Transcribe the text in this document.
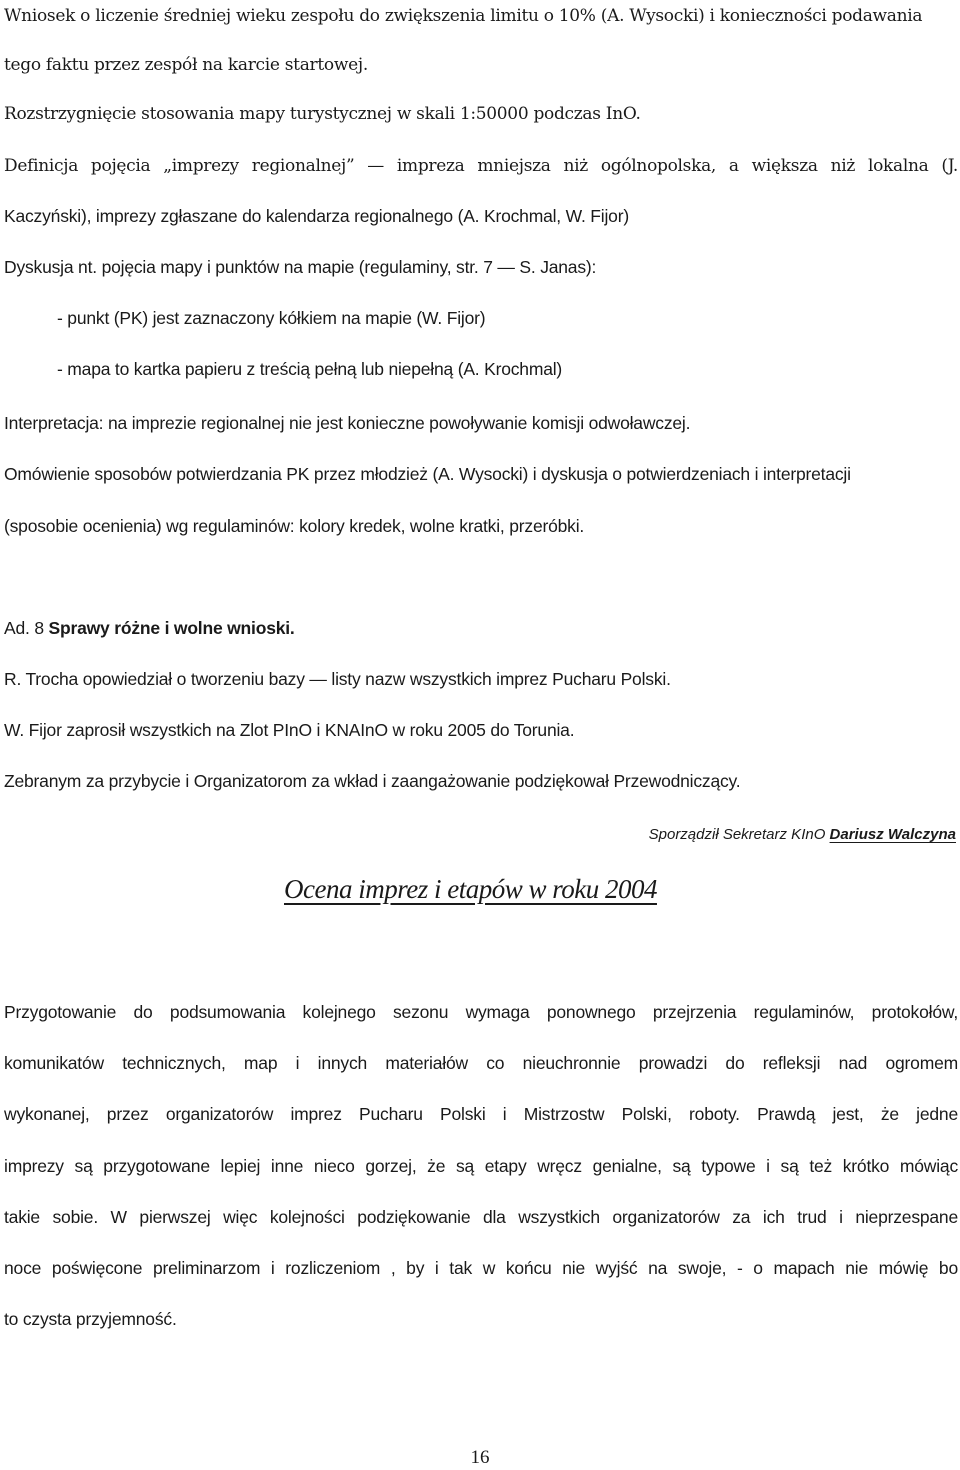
Wniosek o liczenie średniej wieku zespołu do zwiększenia limitu o 10% (A. Wysocki) i konieczności podawania
tego faktu przez zespół na karcie startowej.
Rozstrzygnięcie stosowania mapy turystycznej w skali 1:50000 podczas InO.
Definicja pojęcia „imprezy regionalnej” — impreza mniejsza niż ogólnopolska, a większa niż lokalna (J.
Kaczyński), imprezy zgłaszane do kalendarza regionalnego (A. Krochmal, W. Fijor)
Dyskusja nt. pojęcia mapy i punktów na mapie (regulaminy, str. 7 — S. Janas):
- punkt (PK) jest zaznaczony kółkiem na mapie (W. Fijor)
- mapa to kartka papieru z treścią pełną lub niepełną (A. Krochmal)
Interpretacja: na imprezie regionalnej nie jest konieczne powoływanie komisji odwoławczej.
Omówienie sposobów potwierdzania PK przez młodzież (A. Wysocki) i dyskusja o potwierdzeniach i interpretacji
(sposobie ocenienia) wg regulaminów: kolory kredek, wolne kratki, przeróbki.
Ad. 8 Sprawy różne i wolne wnioski.
R. Trocha opowiedział o tworzeniu bazy — listy nazw wszystkich imprez Pucharu Polski.
W. Fijor zaprosił wszystkich na Zlot PInO i KNAInO w roku 2005 do Torunia.
Zebranym za przybycie i Organizatorom za wkład i zaangażowanie podziękował Przewodniczący.
Sporządził Sekretarz KInO Dariusz Walczyna
Ocena imprez i etapów w roku 2004
Przygotowanie do podsumowania kolejnego sezonu wymaga ponownego przejrzenia regulaminów, protokołów,
komunikatów technicznych, map i innych materiałów co nieuchronnie prowadzi do refleksji nad ogromem
wykonanej, przez organizatorów imprez Pucharu Polski i Mistrzostw Polski, roboty. Prawdą jest, że jedne
imprezy są przygotowane lepiej inne nieco gorzej, że są etapy wręcz genialne, są typowe i są też krótko mówiąc
takie sobie. W pierwszej więc kolejności podziękowanie dla wszystkich organizatorów za ich trud i nieprzespane
noce poświęcone preliminarzom i rozliczeniom , by i tak w końcu nie wyjść na swoje, - o mapach nie mówię bo
to czysta przyjemność.
16
